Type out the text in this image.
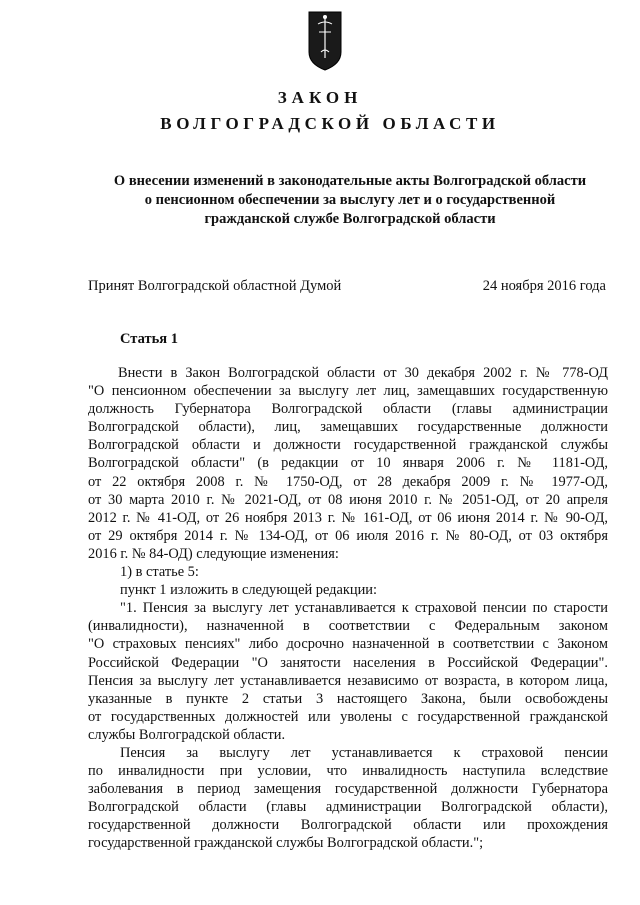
ЗАКОН
ВОЛГОГРАДСКОЙ ОБЛАСТИ
О внесении изменений в законодательные акты Волгоградской области
о пенсионном обеспечении за выслугу лет и о государственной
гражданской службе Волгоградской области
Принят Волгоградской областной Думой	24 ноября 2016 года
Статья 1
Внести в Закон Волгоградской области от 30 декабря 2002 г. № 778-ОД
"О пенсионном обеспечении за выслугу лет лиц, замещавших государственную
должность Губернатора Волгоградской области (главы администрации
Волгоградской области), лиц, замещавших государственные должности
Волгоградской области и должности государственной гражданской службы
Волгоградской области" (в редакции от 10 января 2006 г. № 1181-ОД,
от 22 октября 2008 г. № 1750-ОД, от 28 декабря 2009 г. № 1977-ОД,
от 30 марта 2010 г. № 2021-ОД, от 08 июня 2010 г. № 2051-ОД, от 20 апреля
2012 г. № 41-ОД, от 26 ноября 2013 г. № 161-ОД, от 06 июня 2014 г. № 90-ОД,
от 29 октября 2014 г. № 134-ОД, от 06 июля 2016 г. № 80-ОД, от 03 октября
2016 г. № 84-ОД) следующие изменения:
1) в статье 5:
пункт 1 изложить в следующей редакции:
"1. Пенсия за выслугу лет устанавливается к страховой пенсии по старости
(инвалидности), назначенной в соответствии с Федеральным законом
"О страховых пенсиях" либо досрочно назначенной в соответствии с Законом
Российской Федерации "О занятости населения в Российской Федерации".
Пенсия за выслугу лет устанавливается независимо от возраста, в котором лица,
указанные в пункте 2 статьи 3 настоящего Закона, были освобождены
от государственных должностей или уволены с государственной гражданской
службы Волгоградской области.
Пенсия за выслугу лет устанавливается к страховой пенсии
по инвалидности при условии, что инвалидность наступила вследствие
заболевания в период замещения государственной должности Губернатора
Волгоградской области (главы администрации Волгоградской области),
государственной должности Волгоградской области или прохождения
государственной гражданской службы Волгоградской области.";
